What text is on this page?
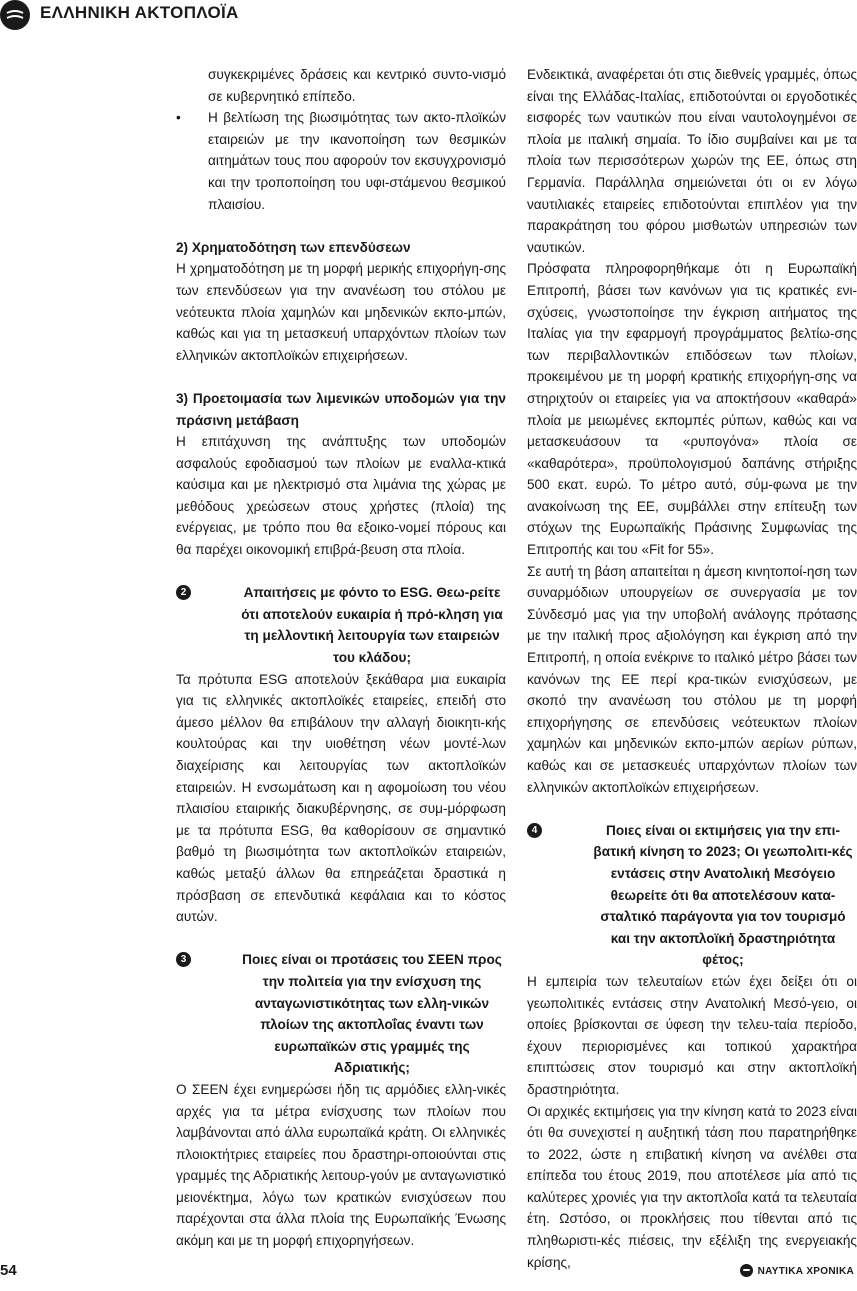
ΕΛΛΗΝΙΚΗ ΑΚΤΟΠΛΟΪΑ

συγκεκριμένες δράσεις και κεντρικό συντο-νισμό σε κυβερνητικό επίπεδο.

• Η βελτίωση της βιωσιμότητας των ακτο-πλοϊκών εταιρειών με την ικανοποίηση των θεσμικών αιτημάτων τους που αφορούν τον εκσυγχρονισμό και την τροποποίηση του υφι-στάμενου θεσμικού πλαισίου.

2) Χρηματοδότηση των επενδύσεων

Η χρηματοδότηση με τη μορφή μερικής επιχορήγη-σης των επενδύσεων για την ανανέωση του στόλου με νεότευκτα πλοία χαμηλών και μηδενικών εκπο-μπών, καθώς και για τη μετασκευή υπαρχόντων πλοίων των ελληνικών ακτοπλοϊκών επιχειρήσεων.

3) Προετοιμασία των λιμενικών υποδομών για την πράσινη μετάβαση

Η επιτάχυνση της ανάπτυξης των υποδομών ασφαλούς εφοδιασμού των πλοίων με εναλλα-κτικά καύσιμα και με ηλεκτρισμό στα λιμάνια της χώρας με μεθόδους χρεώσεων στους χρήστες (πλοία) της ενέργειας, με τρόπο που θα εξοικο-νομεί πόρους και θα παρέχει οικονομική επιβρά-βευση στα πλοία.

2	Απαιτήσεις με φόντο το ESG. Θεω-ρείτε ότι αποτελούν ευκαιρία ή πρό-κληση για τη μελλοντική λειτουργία των εταιρειών του κλάδου;

Τα πρότυπα ESG αποτελούν ξεκάθαρα μια ευκαιρία για τις ελληνικές ακτοπλοϊκές εταιρείες, επειδή στο άμεσο μέλλον θα επιβάλουν την αλλαγή διοικητι-κής κουλτούρας και την υιοθέτηση νέων μοντέ-λων διαχείρισης και λειτουργίας των ακτοπλοϊκών εταιρειών. Η ενσωμάτωση και η αφομοίωση του νέου πλαισίου εταιρικής διακυβέρνησης, σε συμ-μόρφωση με τα πρότυπα ESG, θα καθορίσουν σε σημαντικό βαθμό τη βιωσιμότητα των ακτοπλοϊκών εταιρειών, καθώς μεταξύ άλλων θα επηρεάζεται δραστικά η πρόσβαση σε επενδυτικά κεφάλαια και το κόστος αυτών.

3	Ποιες είναι οι προτάσεις του ΣΕΕΝ προς την πολιτεία για την ενίσχυση της ανταγωνιστικότητας των ελλη-νικών πλοίων της ακτοπλοΐας έναντι των ευρωπαϊκών στις γραμμές της Αδριατικής;

Ο ΣΕΕΝ έχει ενημερώσει ήδη τις αρμόδιες ελλη-νικές αρχές για τα μέτρα ενίσχυσης των πλοίων που λαμβάνονται από άλλα ευρωπαϊκά κράτη. Οι ελληνικές πλοιοκτήτριες εταιρείες που δραστηρι-οποιούνται στις γραμμές της Αδριατικής λειτουρ-γούν με ανταγωνιστικό μειονέκτημα, λόγω των κρατικών ενισχύσεων που παρέχονται στα άλλα πλοία της Ευρωπαϊκής Ένωσης ακόμη και με τη μορφή επιχορηγήσεων.

Ενδεικτικά, αναφέρεται ότι στις διεθνείς γραμμές, όπως είναι της Ελλάδας-Ιταλίας, επιδοτούνται οι εργοδοτικές εισφορές των ναυτικών που είναι ναυτολογημένοι σε πλοία με ιταλική σημαία. Το ίδιο συμβαίνει και με τα πλοία των περισσότερων χωρών της ΕΕ, όπως στη Γερμανία. Παράλληλα σημειώνεται ότι οι εν λόγω ναυτιλιακές εταιρείες επιδοτούνται επιπλέον για την παρακράτηση του φόρου μισθωτών υπηρεσιών των ναυτικών.

Πρόσφατα πληροφορηθήκαμε ότι η Ευρωπαϊκή Επιτροπή, βάσει των κανόνων για τις κρατικές ενι-σχύσεις, γνωστοποίησε την έγκριση αιτήματος της Ιταλίας για την εφαρμογή προγράμματος βελτίω-σης των περιβαλλοντικών επιδόσεων των πλοίων, προκειμένου με τη μορφή κρατικής επιχορήγη-σης να στηριχτούν οι εταιρείες για να αποκτήσουν «καθαρά» πλοία με μειωμένες εκπομπές ρύπων, καθώς και να μετασκευάσουν τα «ρυπογόνα» πλοία σε «καθαρότερα», προϋπολογισμού δαπάνης στήριξης 500 εκατ. ευρώ. Το μέτρο αυτό, σύμ-φωνα με την ανακοίνωση της ΕΕ, συμβάλλει στην επίτευξη των στόχων της Ευρωπαϊκής Πράσινης Συμφωνίας της Επιτροπής και του «Fit for 55».

Σε αυτή τη βάση απαιτείται η άμεση κινητοποί-ηση των συναρμόδιων υπουργείων σε συνεργασία με τον Σύνδεσμό μας για την υποβολή ανάλογης πρότασης με την ιταλική προς αξιολόγηση και έγκριση από την Επιτροπή, η οποία ενέκρινε το ιταλικό μέτρο βάσει των κανόνων της ΕΕ περί κρα-τικών ενισχύσεων, με σκοπό την ανανέωση του στόλου με τη μορφή επιχορήγησης σε επενδύσεις νεότευκτων πλοίων χαμηλών και μηδενικών εκπο-μπών αερίων ρύπων, καθώς και σε μετασκευές υπαρχόντων πλοίων των ελληνικών ακτοπλοϊκών επιχειρήσεων.

4	Ποιες είναι οι εκτιμήσεις για την επι-βατική κίνηση το 2023; Οι γεωπολιτι-κές εντάσεις στην Ανατολική Μεσόγειο θεωρείτε ότι θα αποτελέσουν κατα-σταλτικό παράγοντα για τον τουρισμό και την ακτοπλοϊκή δραστηριότητα φέτος;

Η εμπειρία των τελευταίων ετών έχει δείξει ότι οι γεωπολιτικές εντάσεις στην Ανατολική Μεσό-γειο, οι οποίες βρίσκονται σε ύφεση την τελευ-ταία περίοδο, έχουν περιορισμένες και τοπικού χαρακτήρα επιπτώσεις στον τουρισμό και στην ακτοπλοϊκή δραστηριότητα.

Οι αρχικές εκτιμήσεις για την κίνηση κατά το 2023 είναι ότι θα συνεχιστεί η αυξητική τάση που παρατηρήθηκε το 2022, ώστε η επιβατική κίνηση να ανέλθει στα επίπεδα του έτους 2019, που αποτέλεσε μία από τις καλύτερες χρονιές για την ακτοπλοΐα κατά τα τελευταία έτη. Ωστόσο, οι προκλήσεις που τίθενται από τις πληθωριστι-κές πιέσεις, την εξέλιξη της ενεργειακής κρίσης,

54	ΝΑΥΤΙΚΑ ΧΡΟΝΙΚΑ
